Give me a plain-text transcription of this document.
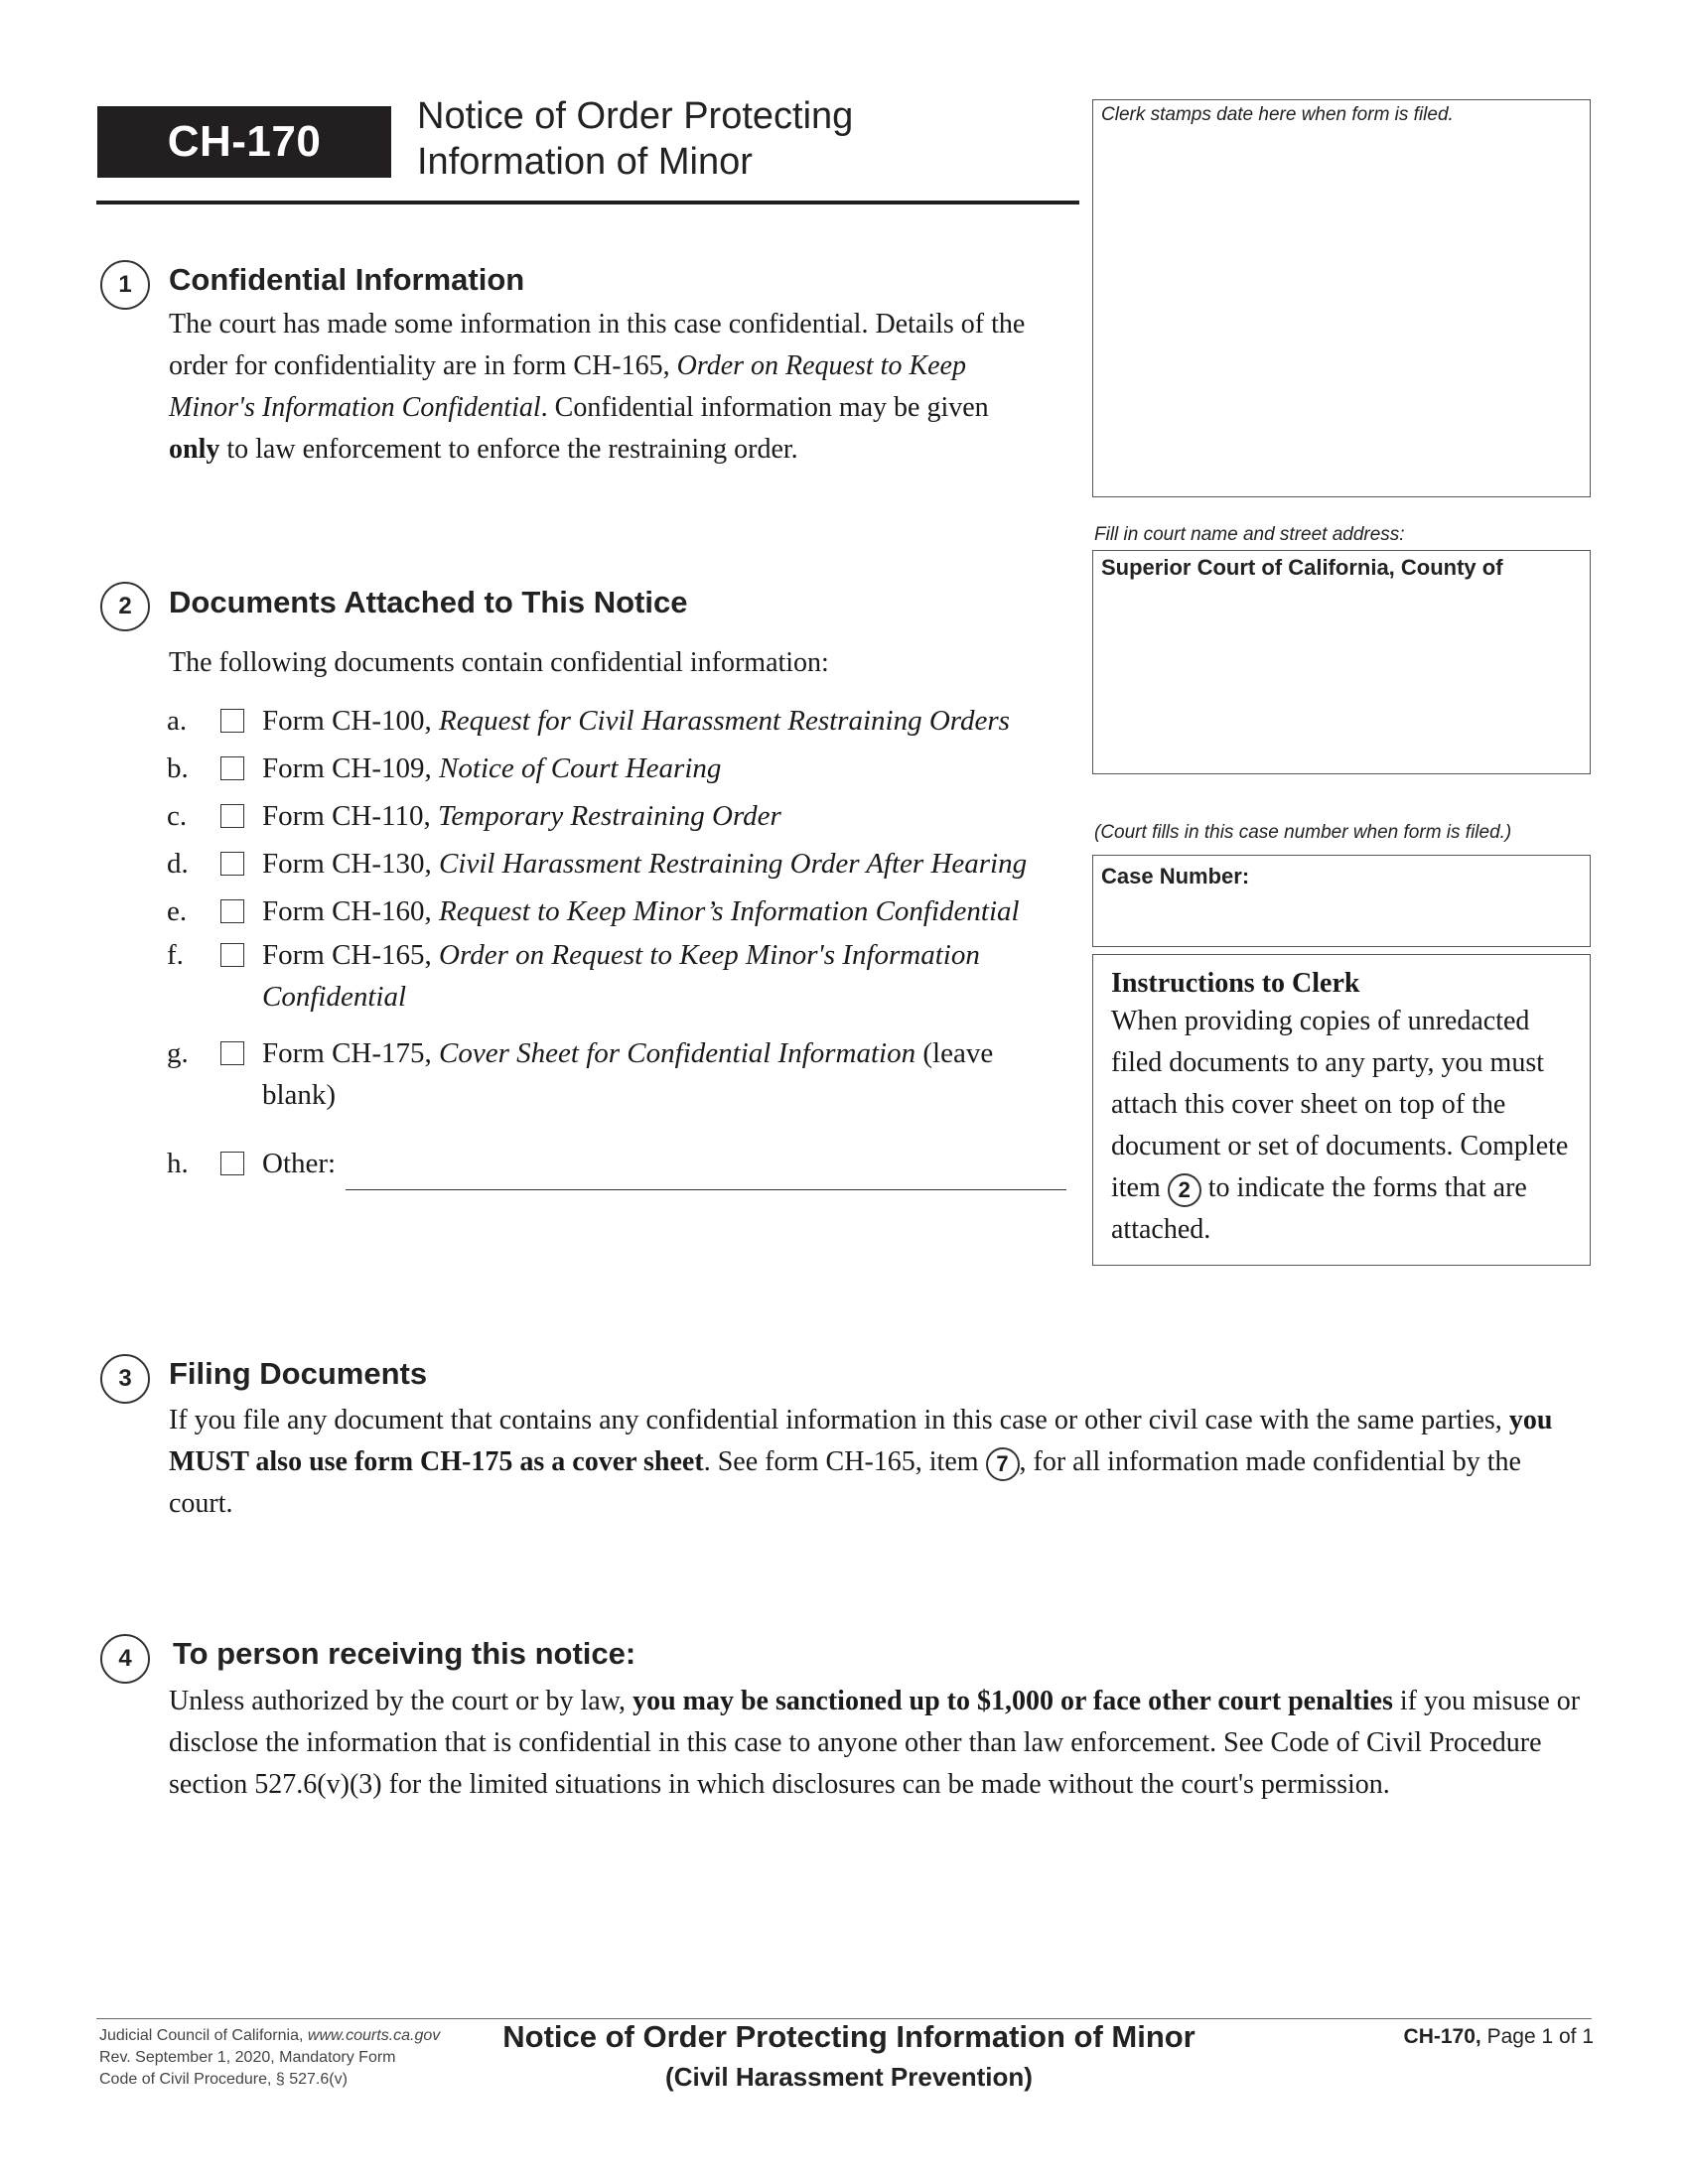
CH-170
Notice of Order Protecting
Information of Minor
Clerk stamps date here when form is filed.
Fill in court name and street address:
Superior Court of California, County of
(Court fills in this case number when form is filed.)
Case Number:
Instructions to Clerk
When providing copies of unredacted filed documents to any party, you must attach this cover sheet on top of the document or set of documents. Complete item 2 to indicate the forms that are attached.
1	Confidential Information
The court has made some information in this case confidential. Details of the order for confidentiality are in form CH-165, Order on Request to Keep Minor's Information Confidential. Confidential information may be given only to law enforcement to enforce the restraining order.
2	Documents Attached to This Notice
The following documents contain confidential information:
a.	Form CH-100, Request for Civil Harassment Restraining Orders
b.	Form CH-109, Notice of Court Hearing
c.	Form CH-110, Temporary Restraining Order
d.	Form CH-130, Civil Harassment Restraining Order After Hearing
e.	Form CH-160, Request to Keep Minor’s Information Confidential
f.	Form CH-165, Order on Request to Keep Minor's Information
Confidential
g.	Form CH-175, Cover Sheet for Confidential Information (leave
blank)
h.	Other:
3	Filing Documents
If you file any document that contains any confidential information in this case or other civil case with the same parties, you MUST also use form CH-175 as a cover sheet. See form CH-165, item 7 , for all information made confidential by the court.
4	To person receiving this notice:
Unless authorized by the court or by law, you may be sanctioned up to $1,000 or face other court penalties if you misuse or disclose the information that is confidential in this case to anyone other than law enforcement. See Code of Civil Procedure section 527.6(v)(3) for the limited situations in which disclosures can be made without the court's permission.
Judicial Council of California, www.courts.ca.gov
Rev. September 1, 2020, Mandatory Form
Code of Civil Procedure, § 527.6(v)
Notice of Order Protecting Information of Minor
(Civil Harassment Prevention)
CH-170, Page 1 of 1
